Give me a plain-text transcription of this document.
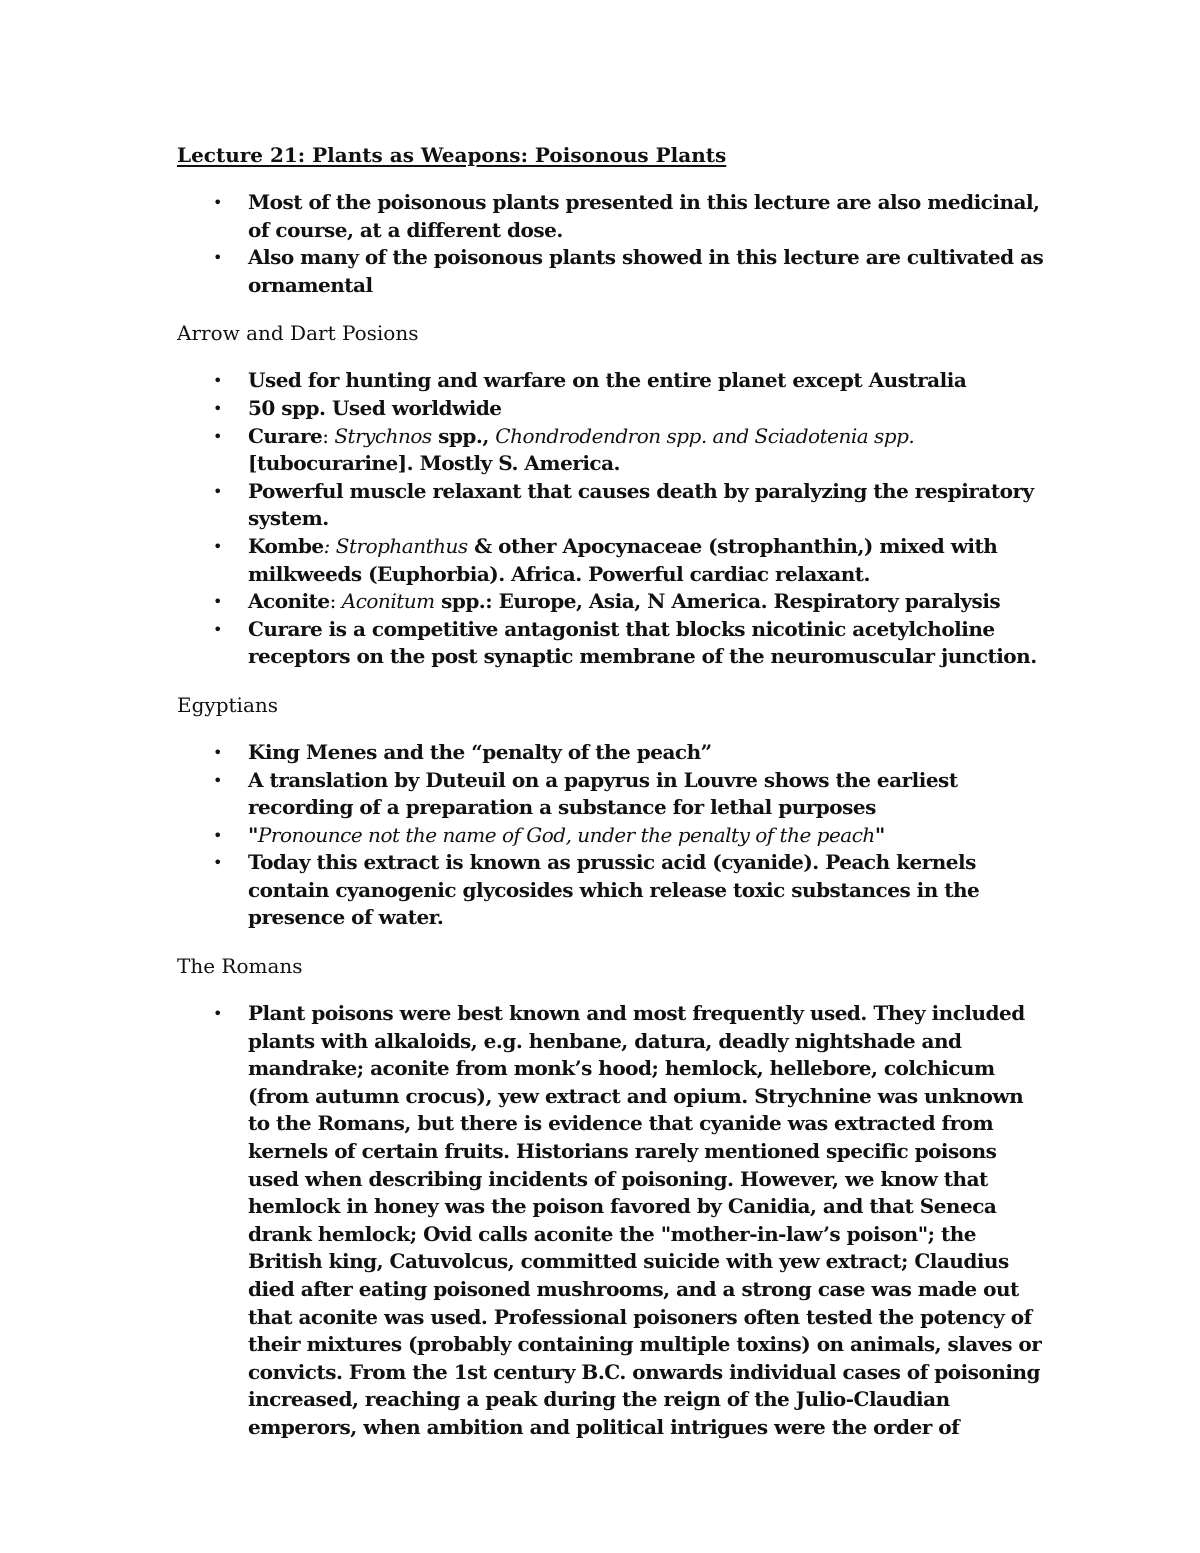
Lecture 21: Plants as Weapons: Poisonous Plants
• Most of the poisonous plants presented in this lecture are also medicinal, of course, at a different dose.
• Also many of the poisonous plants showed in this lecture are cultivated as ornamental
Arrow and Dart Posions
• Used for hunting and warfare on the entire planet except Australia
• 50 spp. Used worldwide
• Curare: Strychnos spp., Chondrodendron spp. and Sciadotenia spp. [tubocurarine]. Mostly S. America.
• Powerful muscle relaxant that causes death by paralyzing the respiratory system.
• Kombe: Strophanthus & other Apocynaceae (strophanthin,) mixed with milkweeds (Euphorbia). Africa. Powerful cardiac relaxant.
• Aconite: Aconitum spp.: Europe, Asia, N America. Respiratory paralysis
• Curare is a competitive antagonist that blocks nicotinic acetylcholine receptors on the post synaptic membrane of the neuromuscular junction.
Egyptians
• King Menes and the “penalty of the peach”
• A translation by Duteuil on a papyrus in Louvre shows the earliest recording of a preparation a substance for lethal purposes
• "Pronounce not the name of God, under the penalty of the peach"
• Today this extract is known as prussic acid (cyanide). Peach kernels contain cyanogenic glycosides which release toxic substances in the presence of water.
The Romans
• Plant poisons were best known and most frequently used. They included plants with alkaloids, e.g. henbane, datura, deadly nightshade and mandrake; aconite from monk’s hood; hemlock, hellebore, colchicum (from autumn crocus), yew extract and opium. Strychnine was unknown to the Romans, but there is evidence that cyanide was extracted from kernels of certain fruits. Historians rarely mentioned specific poisons used when describing incidents of poisoning. However, we know that hemlock in honey was the poison favored by Canidia, and that Seneca drank hemlock; Ovid calls aconite the "mother-in-law’s poison"; the British king, Catuvolcus, committed suicide with yew extract; Claudius died after eating poisoned mushrooms, and a strong case was made out that aconite was used. Professional poisoners often tested the potency of their mixtures (probably containing multiple toxins) on animals, slaves or convicts. From the 1st century B.C. onwards individual cases of poisoning increased, reaching a peak during the reign of the Julio-Claudian emperors, when ambition and political intrigues were the order of
